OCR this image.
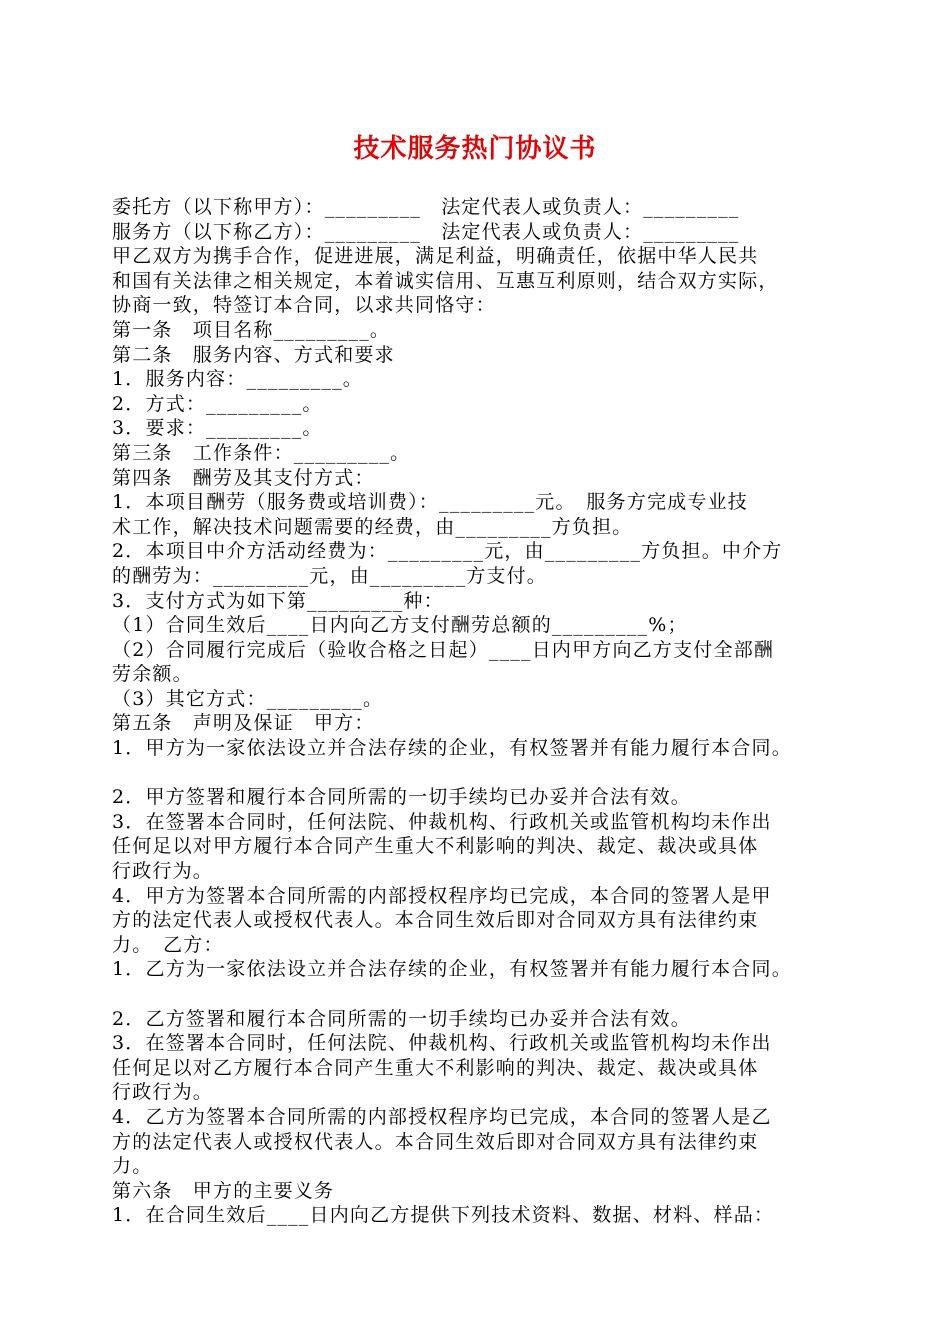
技术服务热门协议书
委托方（以下称甲方）：_________　法定代表人或负责人：_________
服务方（以下称乙方）：_________　法定代表人或负责人：_________
甲乙双方为携手合作，促进进展，满足利益，明确责任，依据中华人民共
和国有关法律之相关规定，本着诚实信用、互惠互利原则，结合双方实际，
协商一致，特签订本合同，以求共同恪守：
第一条　项目名称_________。
第二条　服务内容、方式和要求
1．服务内容：_________。
2．方式：_________。
3．要求：_________。
第三条　工作条件：_________。
第四条　酬劳及其支付方式：
1．本项目酬劳（服务费或培训费）：_________元。　服务方完成专业技
术工作，解决技术问题需要的经费，由_________方负担。
2．本项目中介方活动经费为：_________元，由_________方负担。中介方
的酬劳为：_________元，由_________方支付。
3．支付方式为如下第_________种：
（1）合同生效后____日内向乙方支付酬劳总额的_________%；
（2）合同履行完成后（验收合格之日起）____日内甲方向乙方支付全部酬
劳余额。
（3）其它方式：_________。
第五条　声明及保证　甲方：
1．甲方为一家依法设立并合法存续的企业，有权签署并有能力履行本合同。
2．甲方签署和履行本合同所需的一切手续均已办妥并合法有效。
3．在签署本合同时，任何法院、仲裁机构、行政机关或监管机构均未作出
任何足以对甲方履行本合同产生重大不利影响的判决、裁定、裁决或具体
行政行为。
4．甲方为签署本合同所需的内部授权程序均已完成，本合同的签署人是甲
方的法定代表人或授权代表人。本合同生效后即对合同双方具有法律约束
力。　乙方：
1．乙方为一家依法设立并合法存续的企业，有权签署并有能力履行本合同。
2．乙方签署和履行本合同所需的一切手续均已办妥并合法有效。
3．在签署本合同时，任何法院、仲裁机构、行政机关或监管机构均未作出
任何足以对乙方履行本合同产生重大不利影响的判决、裁定、裁决或具体
行政行为。
4．乙方为签署本合同所需的内部授权程序均已完成，本合同的签署人是乙
方的法定代表人或授权代表人。本合同生效后即对合同双方具有法律约束
力。
第六条　甲方的主要义务
1．在合同生效后____日内向乙方提供下列技术资料、数据、材料、样品：
